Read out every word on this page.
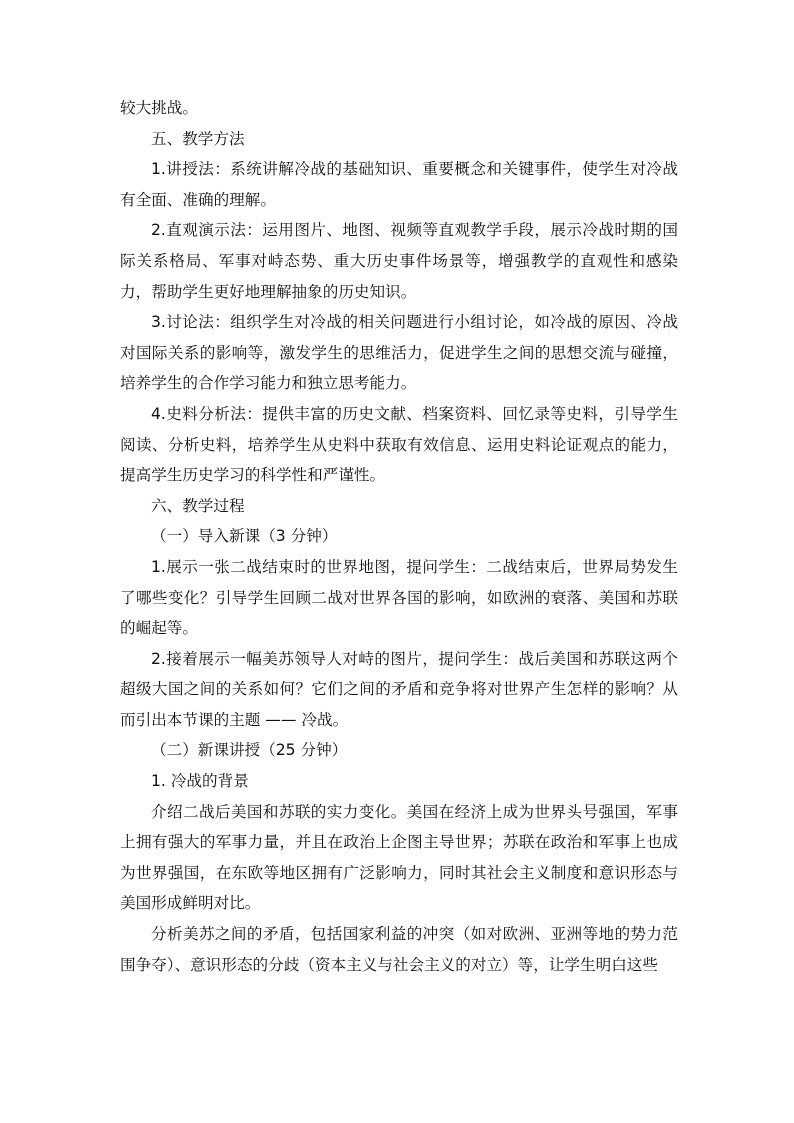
较大挑战。

五、教学方法

1.讲授法：系统讲解冷战的基础知识、重要概念和关键事件，使学生对冷战有全面、准确的理解。

2.直观演示法：运用图片、地图、视频等直观教学手段，展示冷战时期的国际关系格局、军事对峙态势、重大历史事件场景等，增强教学的直观性和感染力，帮助学生更好地理解抽象的历史知识。

3.讨论法：组织学生对冷战的相关问题进行小组讨论，如冷战的原因、冷战对国际关系的影响等，激发学生的思维活力，促进学生之间的思想交流与碰撞，培养学生的合作学习能力和独立思考能力。

4.史料分析法：提供丰富的历史文献、档案资料、回忆录等史料，引导学生阅读、分析史料，培养学生从史料中获取有效信息、运用史料论证观点的能力，提高学生历史学习的科学性和严谨性。

六、教学过程

（一）导入新课（3 分钟）

1.展示一张二战结束时的世界地图，提问学生：二战结束后，世界局势发生了哪些变化？引导学生回顾二战对世界各国的影响，如欧洲的衰落、美国和苏联的崛起等。

2.接着展示一幅美苏领导人对峙的图片，提问学生：战后美国和苏联这两个超级大国之间的关系如何？它们之间的矛盾和竞争将对世界产生怎样的影响？从而引出本节课的主题 —— 冷战。

（二）新课讲授（25 分钟）

1. 冷战的背景

介绍二战后美国和苏联的实力变化。美国在经济上成为世界头号强国，军事上拥有强大的军事力量，并且在政治上企图主导世界；苏联在政治和军事上也成为世界强国，在东欧等地区拥有广泛影响力，同时其社会主义制度和意识形态与美国形成鲜明对比。

分析美苏之间的矛盾，包括国家利益的冲突（如对欧洲、亚洲等地的势力范围争夺）、意识形态的分歧（资本主义与社会主义的对立）等，让学生明白这些
